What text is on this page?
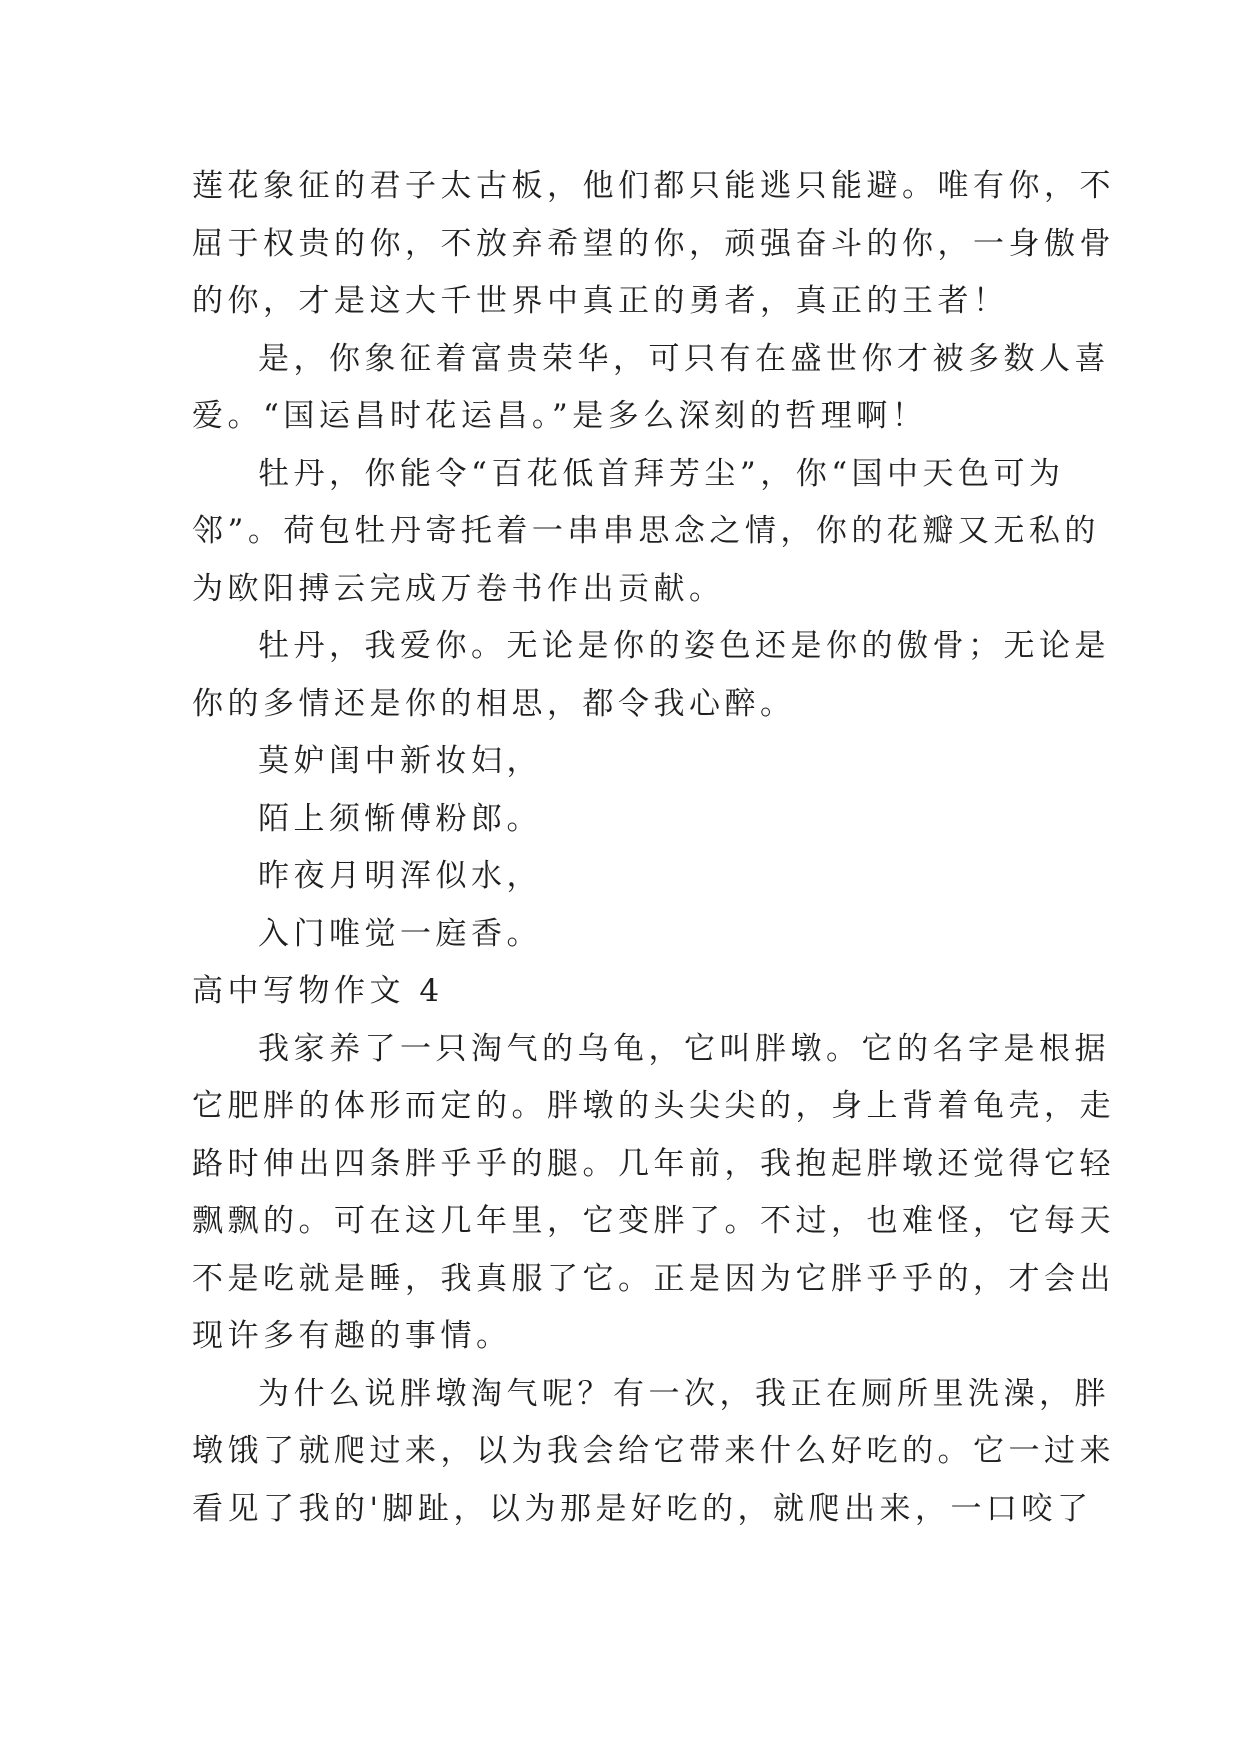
莲花象征的君子太古板，他们都只能逃只能避。唯有你，不

屈于权贵的你，不放弃希望的你，顽强奋斗的你，一身傲骨

的你，才是这大千世界中真正的勇者，真正的王者！

是，你象征着富贵荣华，可只有在盛世你才被多数人喜

爱。“国运昌时花运昌。”是多么深刻的哲理啊！

牡丹，你能令“百花低首拜芳尘”，你“国中天色可为

邻”。荷包牡丹寄托着一串串思念之情，你的花瓣又无私的

为欧阳搏云完成万卷书作出贡献。

牡丹，我爱你。无论是你的姿色还是你的傲骨；无论是

你的多情还是你的相思，都令我心醉。

莫妒闺中新妆妇，

陌上须惭傅粉郎。

昨夜月明浑似水，

入门唯觉一庭香。

高中写物作文 4

我家养了一只淘气的乌龟，它叫胖墩。它的名字是根据

它肥胖的体形而定的。胖墩的头尖尖的，身上背着龟壳，走

路时伸出四条胖乎乎的腿。几年前，我抱起胖墩还觉得它轻

飘飘的。可在这几年里，它变胖了。不过，也难怪，它每天

不是吃就是睡，我真服了它。正是因为它胖乎乎的，才会出

现许多有趣的事情。

为什么说胖墩淘气呢？有一次，我正在厕所里洗澡，胖

墩饿了就爬过来，以为我会给它带来什么好吃的。它一过来

看见了我的'脚趾，以为那是好吃的，就爬出来，一口咬了
